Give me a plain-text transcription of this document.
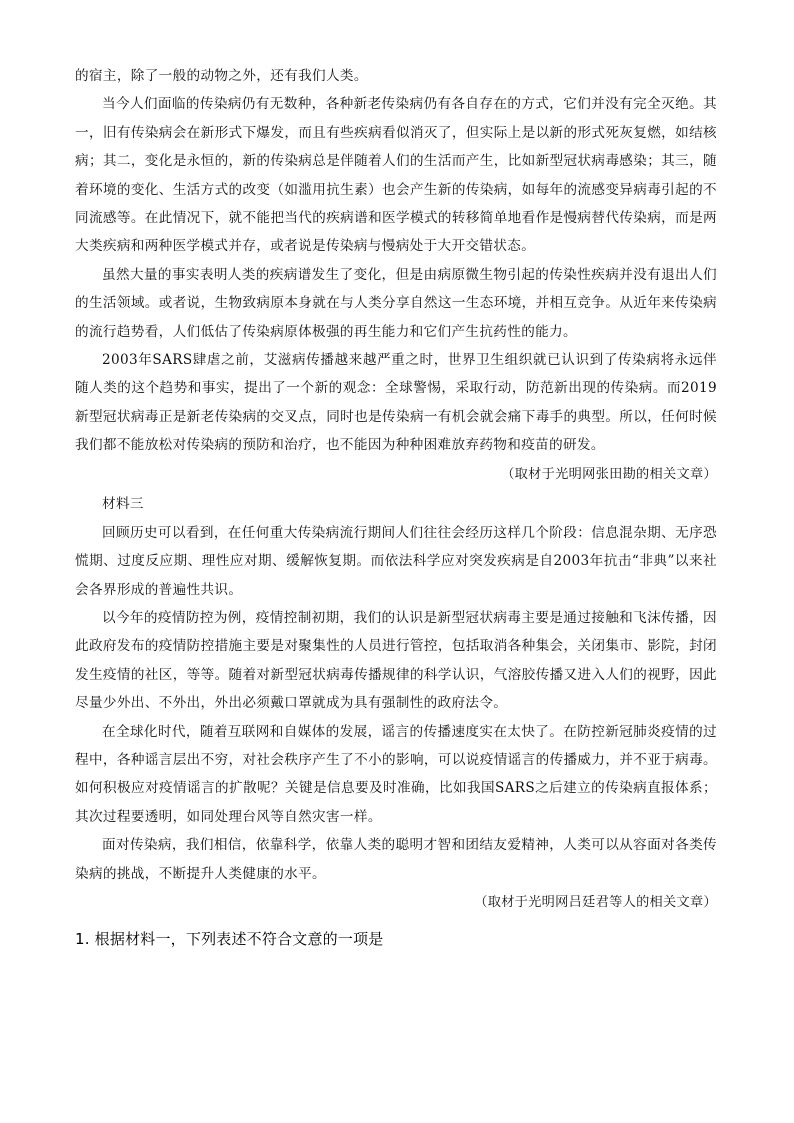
的宿主，除了一般的动物之外，还有我们人类。

当今人们面临的传染病仍有无数种，各种新老传染病仍有各自存在的方式，它们并没有完全灭绝。其一，旧有传染病会在新形式下爆发，而且有些疾病看似消灭了，但实际上是以新的形式死灰复燃，如结核病；其二，变化是永恒的，新的传染病总是伴随着人们的生活而产生，比如新型冠状病毒感染；其三，随着环境的变化、生活方式的改变（如滥用抗生素）也会产生新的传染病，如每年的流感变异病毒引起的不同流感等。在此情况下，就不能把当代的疾病谱和医学模式的转移简单地看作是慢病替代传染病，而是两大类疾病和两种医学模式并存，或者说是传染病与慢病处于大开交错状态。

虽然大量的事实表明人类的疾病谱发生了变化，但是由病原微生物引起的传染性疾病并没有退出人们的生活领域。或者说，生物致病原本身就在与人类分享自然这一生态环境，并相互竞争。从近年来传染病的流行趋势看，人们低估了传染病原体极强的再生能力和它们产生抗药性的能力。

2003年SARS肆虐之前，艾滋病传播越来越严重之时，世界卫生组织就已认识到了传染病将永远伴随人类的这个趋势和事实，提出了一个新的观念：全球警惕，采取行动，防范新出现的传染病。而2019新型冠状病毒正是新老传染病的交叉点，同时也是传染病一有机会就会痛下毒手的典型。所以，任何时候我们都不能放松对传染病的预防和治疗，也不能因为种种困难放弃药物和疫苗的研发。

（取材于光明网张田勘的相关文章）

材料三

回顾历史可以看到，在任何重大传染病流行期间人们往往会经历这样几个阶段：信息混杂期、无序恐慌期、过度反应期、理性应对期、缓解恢复期。而依法科学应对突发疾病是自2003年抗击“非典”以来社会各界形成的普遍性共识。

以今年的疫情防控为例，疫情控制初期，我们的认识是新型冠状病毒主要是通过接触和飞沫传播，因此政府发布的疫情防控措施主要是对聚集性的人员进行管控，包括取消各种集会，关闭集市、影院，封闭发生疫情的社区，等等。随着对新型冠状病毒传播规律的科学认识，气溶胶传播又进入人们的视野，因此尽量少外出、不外出，外出必须戴口罩就成为具有强制性的政府法令。

在全球化时代，随着互联网和自媒体的发展，谣言的传播速度实在太快了。在防控新冠肺炎疫情的过程中，各种谣言层出不穷，对社会秩序产生了不小的影响，可以说疫情谣言的传播威力，并不亚于病毒。如何积极应对疫情谣言的扩散呢？关键是信息要及时准确，比如我国SARS之后建立的传染病直报体系；其次过程要透明，如同处理台风等自然灾害一样。

面对传染病，我们相信，依靠科学，依靠人类的聪明才智和团结友爱精神，人类可以从容面对各类传染病的挑战，不断提升人类健康的水平。

（取材于光明网吕廷君等人的相关文章）

1. 根据材料一，下列表述不符合文意的一项是
